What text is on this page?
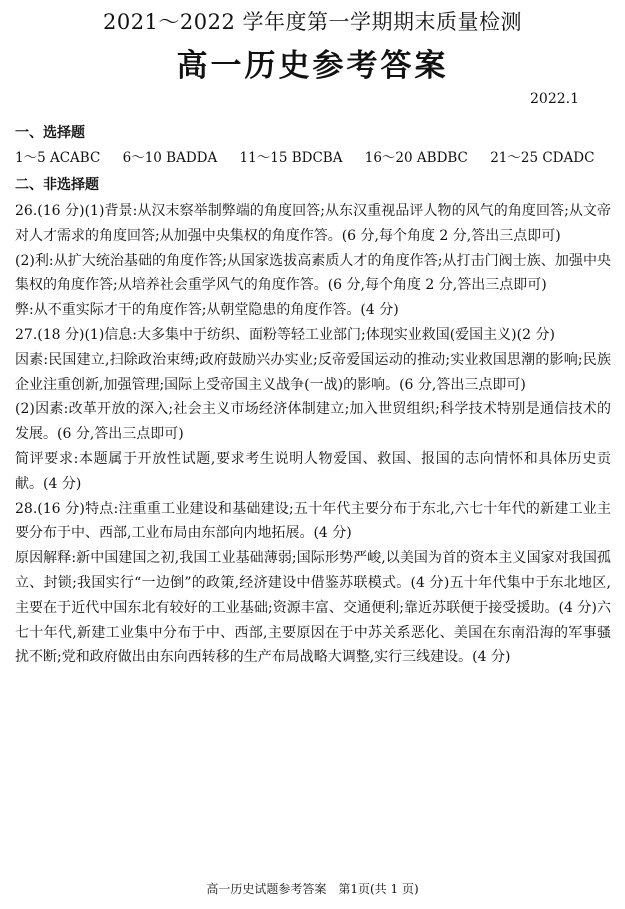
2021～2022 学年度第一学期期末质量检测
高一历史参考答案
2022.1
一、选择题
1～5 ACABC 6～10 BADDA 11～15 BDCBA 16～20 ABDBC 21～25 CDADC
二、非选择题
26.(16 分)(1)背景:从汉末察举制弊端的角度回答;从东汉重视品评人物的风气的角度回答;从文帝对人才需求的角度回答;从加强中央集权的角度作答。(6 分,每个角度 2 分,答出三点即可)
(2)利:从扩大统治基础的角度作答;从国家选拔高素质人才的角度作答;从打击门阀士族、加强中央集权的角度作答;从培养社会重学风气的角度作答。(6 分,每个角度 2 分,答出三点即可)
弊:从不重实际才干的角度作答;从朝堂隐患的角度作答。(4 分)
27.(18 分)(1)信息:大多集中于纺织、面粉等轻工业部门;体现实业救国(爱国主义)(2 分)
因素:民国建立,扫除政治束缚;政府鼓励兴办实业;反帝爱国运动的推动;实业救国思潮的影响;民族企业注重创新,加强管理;国际上受帝国主义战争(一战)的影响。(6 分,答出三点即可)
(2)因素:改革开放的深入;社会主义市场经济体制建立;加入世贸组织;科学技术特别是通信技术的发展。(6 分,答出三点即可)
简评要求:本题属于开放性试题,要求考生说明人物爱国、救国、报国的志向情怀和具体历史贡献。(4 分)
28.(16 分)特点:注重重工业建设和基础建设;五十年代主要分布于东北,六七十年代的新建工业主要分布于中、西部,工业布局由东部向内地拓展。(4 分)
原因解释:新中国建国之初,我国工业基础薄弱;国际形势严峻,以美国为首的资本主义国家对我国孤立、封锁;我国实行“一边倒”的政策,经济建设中借鉴苏联模式。(4 分)五十年代集中于东北地区,主要在于近代中国东北有较好的工业基础;资源丰富、交通便利;靠近苏联便于接受援助。(4 分)六七十年代,新建工业集中分布于中、西部,主要原因在于中苏关系恶化、美国在东南沿海的军事骚扰不断;党和政府做出由东向西转移的生产布局战略大调整,实行三线建设。(4 分)
高一历史试题参考答案　第1页(共 1 页)
